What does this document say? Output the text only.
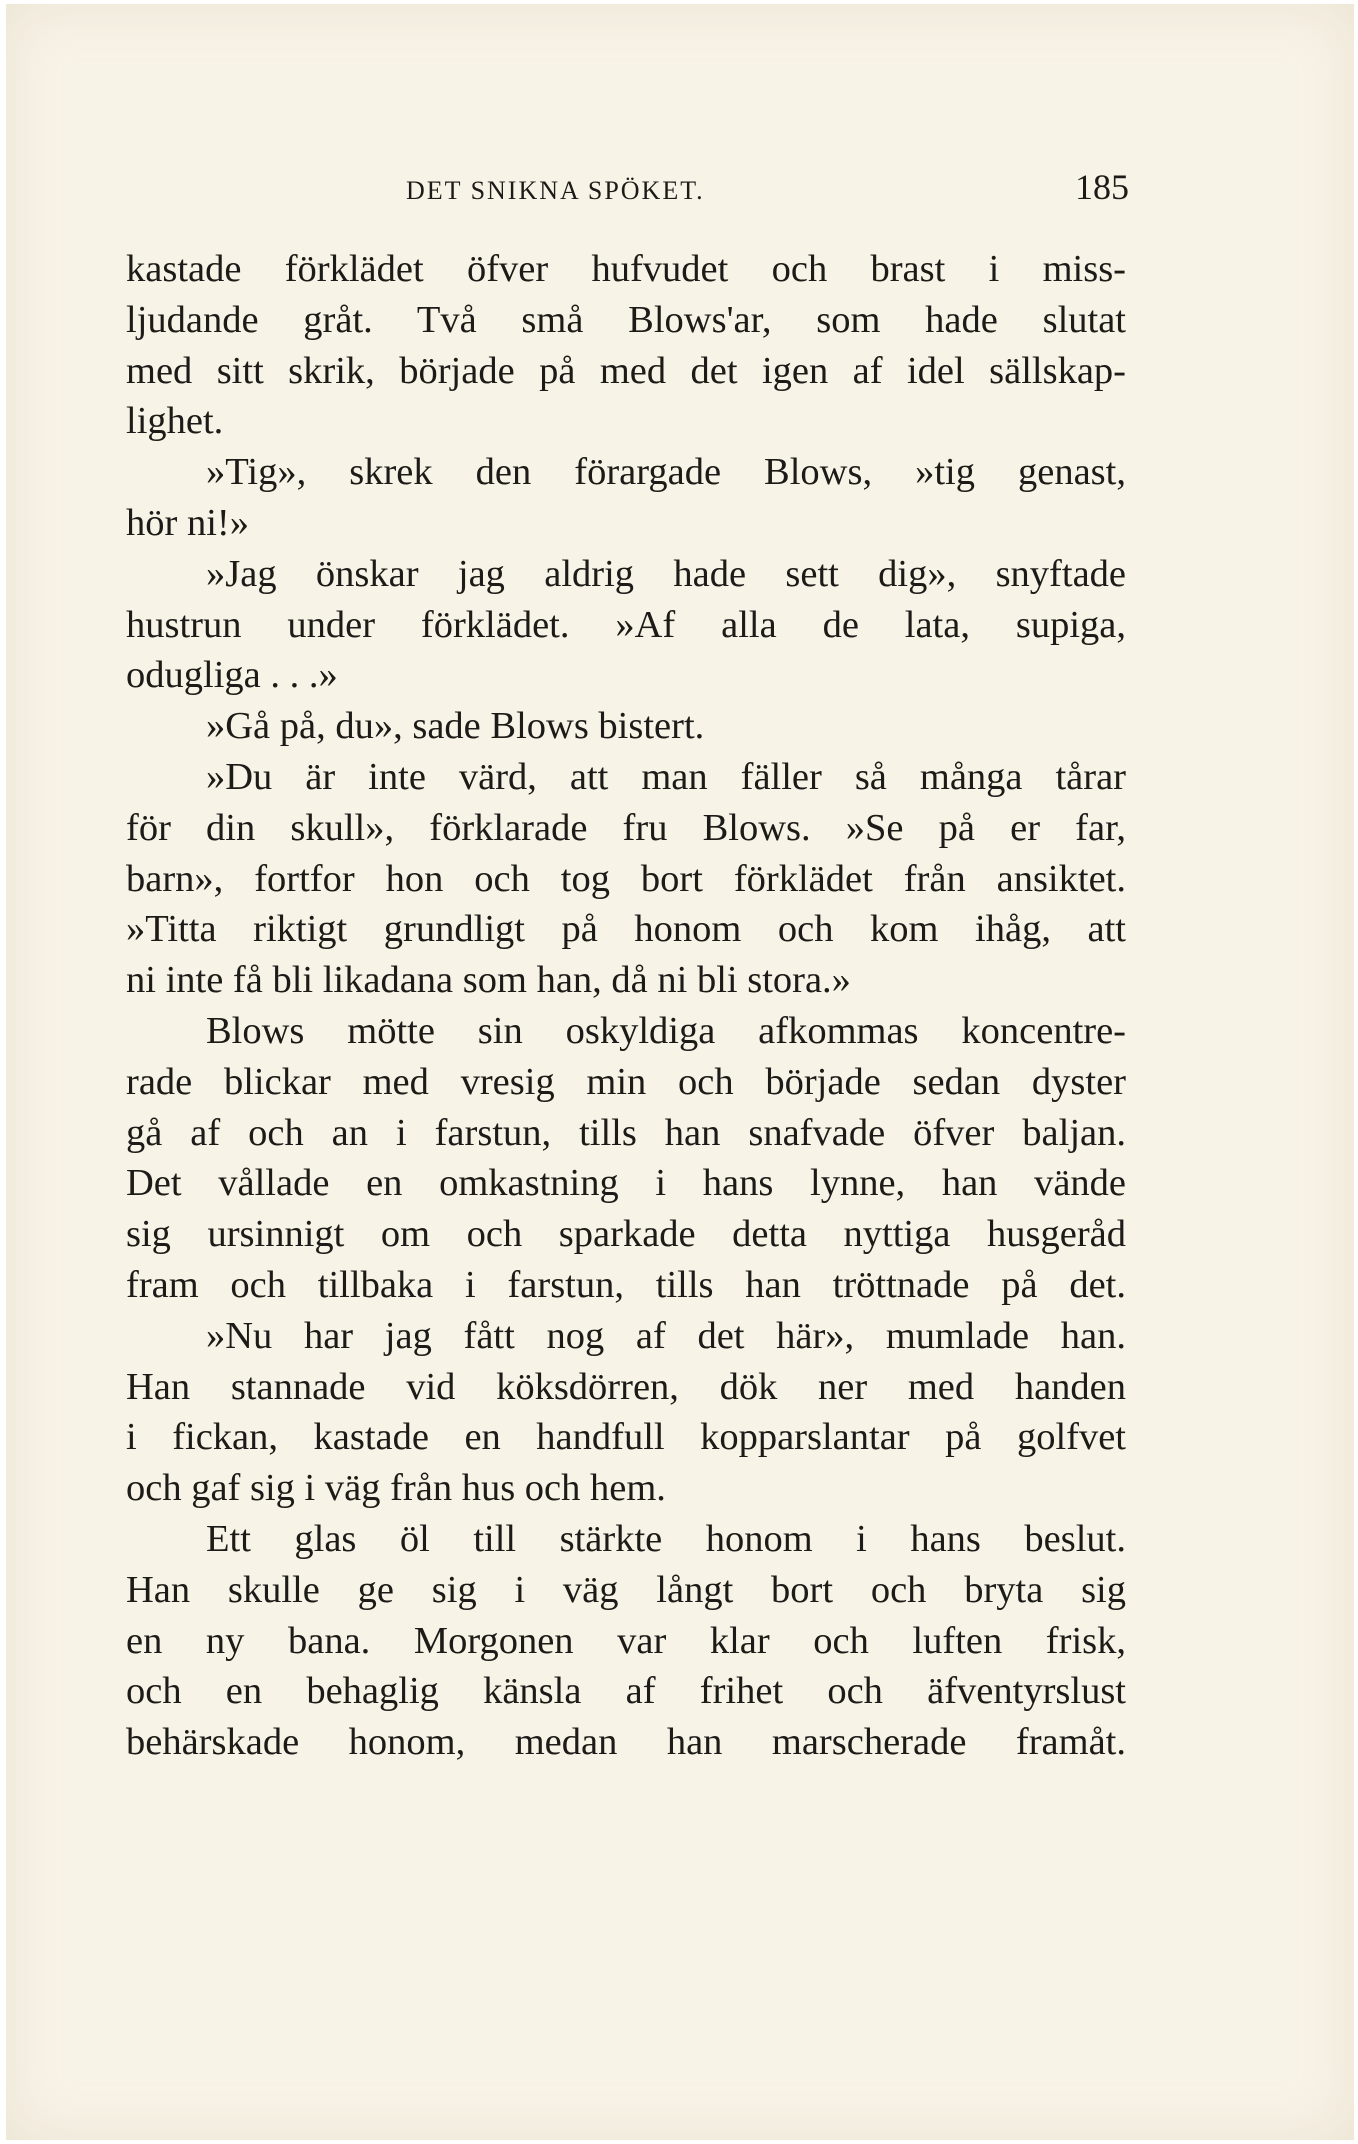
DET SNIKNA SPÖKET.	185
kastade förklädet öfver hufvudet och brast i miss-
ljudande gråt. Två små Blows'ar, som hade slutat
med sitt skrik, började på med det igen af idel sällskap-
lighet.
»Tig», skrek den förargade Blows, »tig genast,
hör ni!»
»Jag önskar jag aldrig hade sett dig», snyftade
hustrun under förklädet. »Af alla de lata, supiga,
odugliga . . .»
»Gå på, du», sade Blows bistert.
»Du är inte värd, att man fäller så många tårar
för din skull», förklarade fru Blows. »Se på er far,
barn», fortfor hon och tog bort förklädet från ansiktet.
»Titta riktigt grundligt på honom och kom ihåg, att
ni inte få bli likadana som han, då ni bli stora.»
Blows mötte sin oskyldiga afkommas koncentre-
rade blickar med vresig min och började sedan dyster
gå af och an i farstun, tills han snafvade öfver baljan.
Det vållade en omkastning i hans lynne, han vände
sig ursinnigt om och sparkade detta nyttiga husgeråd
fram och tillbaka i farstun, tills han tröttnade på det.
»Nu har jag fått nog af det här», mumlade han.
Han stannade vid köksdörren, dök ner med handen
i fickan, kastade en handfull kopparslantar på golfvet
och gaf sig i väg från hus och hem.
Ett glas öl till stärkte honom i hans beslut.
Han skulle ge sig i väg långt bort och bryta sig
en ny bana. Morgonen var klar och luften frisk,
och en behaglig känsla af frihet och äfventyrslust
behärskade honom, medan han marscherade framåt.
